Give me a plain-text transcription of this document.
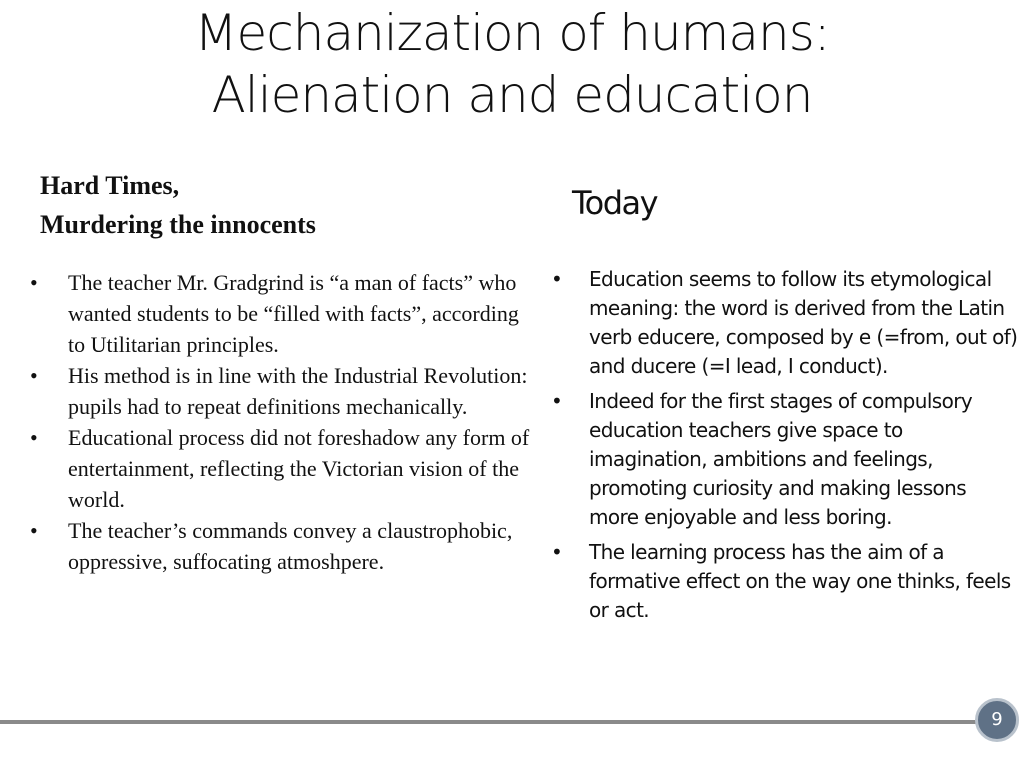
Mechanization of humans:
Alienation and education
Hard Times,
Murdering the innocents
Today
• The teacher Mr. Gradgrind is “a man of facts” who wanted students to be “filled with facts”, according to Utilitarian principles.
• His method is in line with the Industrial Revolution: pupils had to repeat definitions mechanically.
• Educational process did not foreshadow any form of entertainment, reflecting the Victorian vision of the world.
• The teacher’s commands convey a claustrophobic, oppressive, suffocating atmoshpere.
• Education seems to follow its etymological meaning: the word is derived from the Latin verb educere, composed by e (=from, out of) and ducere (=I lead, I conduct).
• Indeed for the first stages of compulsory education teachers give space to imagination, ambitions and feelings, promoting curiosity and making lessons more enjoyable and less boring.
• The learning process has the aim of a formative effect on the way one thinks, feels or act.
9
